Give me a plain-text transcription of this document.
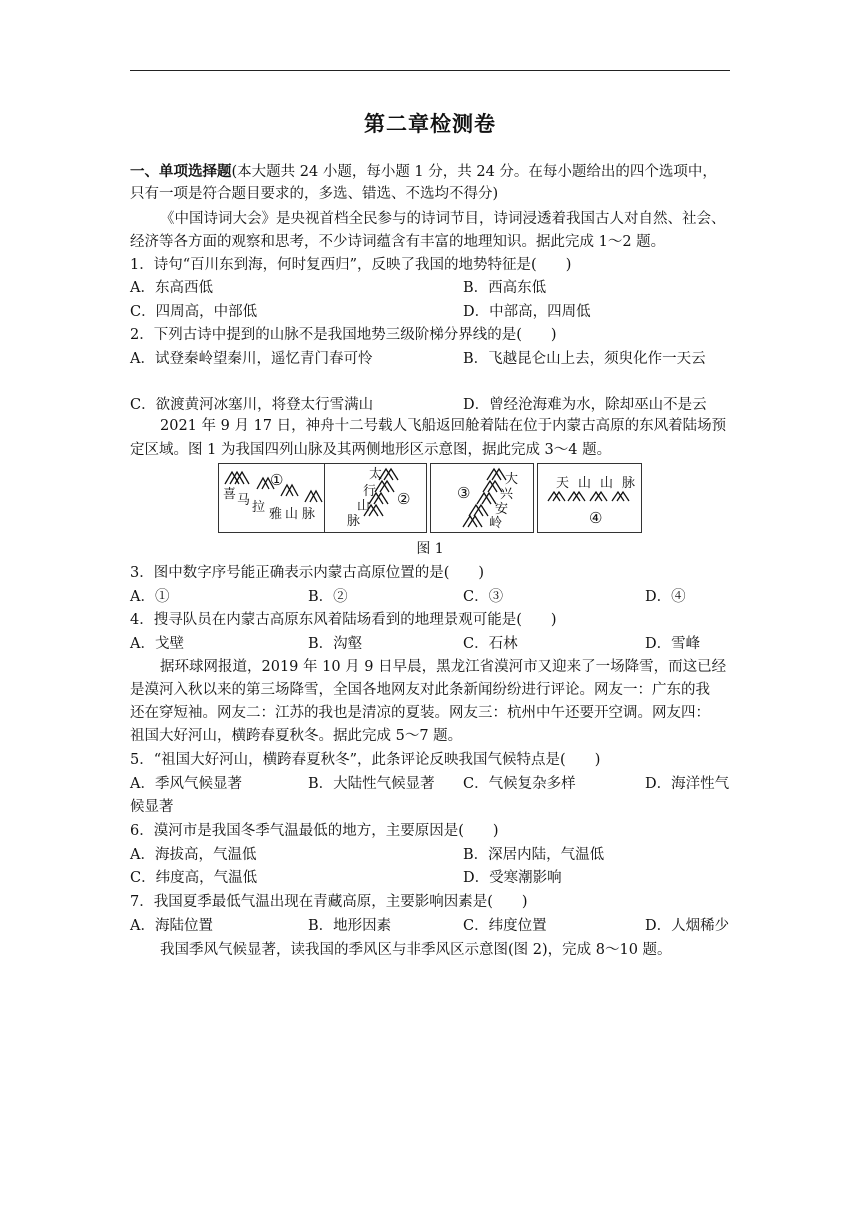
第二章检测卷
一、单项选择题(本大题共 24 小题，每小题 1 分，共 24 分。在每小题给出的四个选项中，
只有一项是符合题目要求的，多选、错选、不选均不得分)
《中国诗词大会》是央视首档全民参与的诗词节目，诗词浸透着我国古人对自然、社会、
经济等各方面的观察和思考，不少诗词蕴含有丰富的地理知识。据此完成 1～2 题。
1．诗句“百川东到海，何时复西归”，反映了我国的地势特征是(　　)
A．东高西低	B．西高东低
C．四周高，中部低	D．中部高，四周低
2．下列古诗中提到的山脉不是我国地势三级阶梯分界线的是(　　)
A．试登秦岭望秦川，遥忆青门春可怜	B．飞越昆仑山上去，须臾化作一天云
C．欲渡黄河冰塞川，将登太行雪满山	D．曾经沧海难为水，除却巫山不是云
2021 年 9 月 17 日，神舟十二号载人飞船返回舱着陆在位于内蒙古高原的东风着陆场预
定区域。图 1 为我国四列山脉及其两侧地形区示意图，据此完成 3～4 题。
喜 马 拉 雅 山 脉
①	太
行
山
脉
②
大
兴
安
岭
③
天 山 山 脉
④
图 1
3．图中数字序号能正确表示内蒙古高原位置的是(　　)
A．①	B．②	C．③	D．④
4．搜寻队员在内蒙古高原东风着陆场看到的地理景观可能是(　　)
A．戈壁	B．沟壑	C．石林	D．雪峰
据环球网报道，2019 年 10 月 9 日早晨，黑龙江省漠河市又迎来了一场降雪，而这已经
是漠河入秋以来的第三场降雪，全国各地网友对此条新闻纷纷进行评论。网友一：广东的我
还在穿短袖。网友二：江苏的我也是清凉的夏装。网友三：杭州中午还要开空调。网友四：
祖国大好河山，横跨春夏秋冬。据此完成 5～7 题。
5．“祖国大好河山，横跨春夏秋冬”，此条评论反映我国气候特点是(　　)
A．季风气候显著	B．大陆性气候显著 C．气候复杂多样	D．海洋性气
候显著
6．漠河市是我国冬季气温最低的地方，主要原因是(　　)
A．海拔高，气温低	B．深居内陆，气温低
C．纬度高，气温低	D．受寒潮影响
7．我国夏季最低气温出现在青藏高原，主要影响因素是(　　)
A．海陆位置	B．地形因素	C．纬度位置	D．人烟稀少
我国季风气候显著，读我国的季风区与非季风区示意图(图 2)，完成 8～10 题。
